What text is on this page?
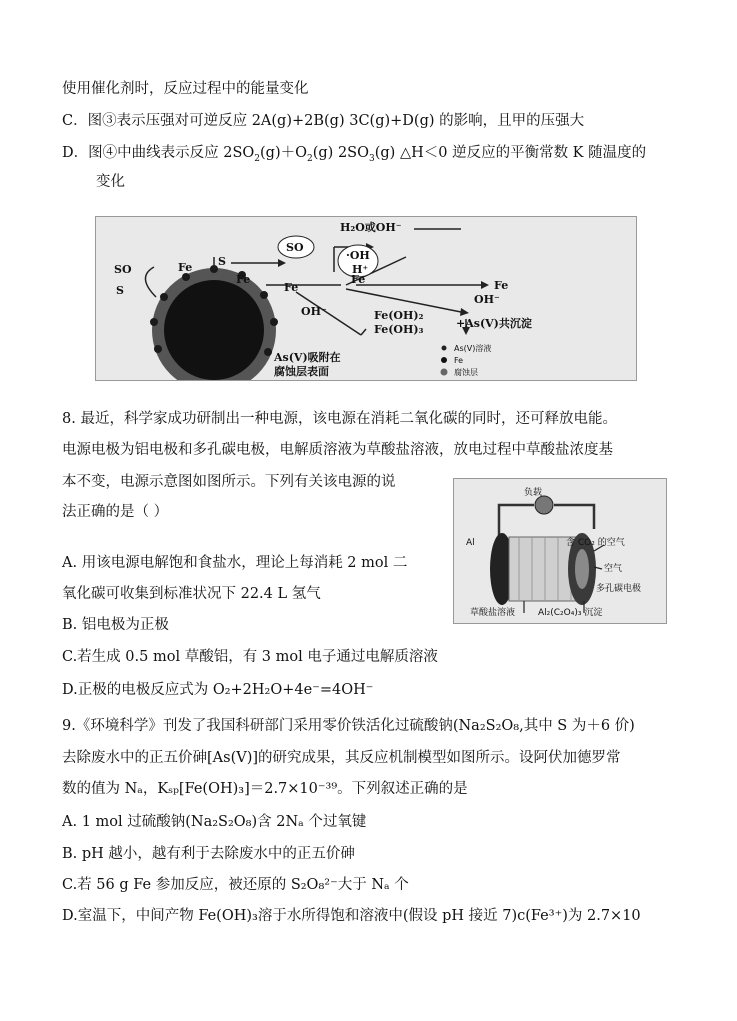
使用催化剂时，反应过程中的能量变化
C．图③表示压强对可逆反应 2A(g)+2B(g) 3C(g)+D(g) 的影响，且甲的压强大
D．图④中曲线表示反应 $2SO_2(g)+O_2(g)$ $2SO_3(g)$ △H＜0 逆反应的平衡常数 K 随温度的
变化
SO
S
Fe S
Fe
Fe
Fe	Fe
SO
H₂O或OH⁻
·OH
H⁺
OH⁻
OH⁻
Fe(OH)₂
Fe(OH)₃	+As(V)共沉淀
As(V)吸附在
腐蚀层表面
As(V)溶液
Fe
腐蚀层
8. 最近，科学家成功研制出一种电源，该电源在消耗二氧化碳的同时，还可释放电能。
电源电极为铝电极和多孔碳电极，电解质溶液为草酸盐溶液，放电过程中草酸盐浓度基
本不变，电源示意图如图所示。下列有关该电源的说
法正确的是（ ）
A. 用该电源电解饱和食盐水，理论上每消耗 2 mol 二
氧化碳可收集到标准状况下 22.4 L 氢气
B. 铝电极为正极
C.若生成 0.5 mol 草酸铝，有 3 mol 电子通过电解质溶液
D.正极的电极反应式为 O₂+2H₂O+4e⁻=4OH⁻
负载
Al	含 CO₂ 的空气
空气
多孔碳电极
草酸盐溶液	Al₂(C₂O₄)₃ 沉淀
9.《环境科学》刊发了我国科研部门采用零价铁活化过硫酸钠(Na₂S₂O₈,其中 S 为＋6 价)
去除废水中的正五价砷[As(V)]的研究成果，其反应机制模型如图所示。设阿伏加德罗常
数的值为 Nₐ，Kₛₚ[Fe(OH)₃]＝2.7×10⁻³⁹。下列叙述正确的是
A. 1 mol 过硫酸钠(Na₂S₂O₈)含 2Nₐ 个过氧键
B. pH 越小，越有利于去除废水中的正五价砷
C.若 56 g Fe 参加反应，被还原的 S₂O₈²⁻大于 Nₐ 个
D.室温下，中间产物 Fe(OH)₃溶于水所得饱和溶液中(假设 pH 接近 7)c(Fe³⁺)为 2.7×10
